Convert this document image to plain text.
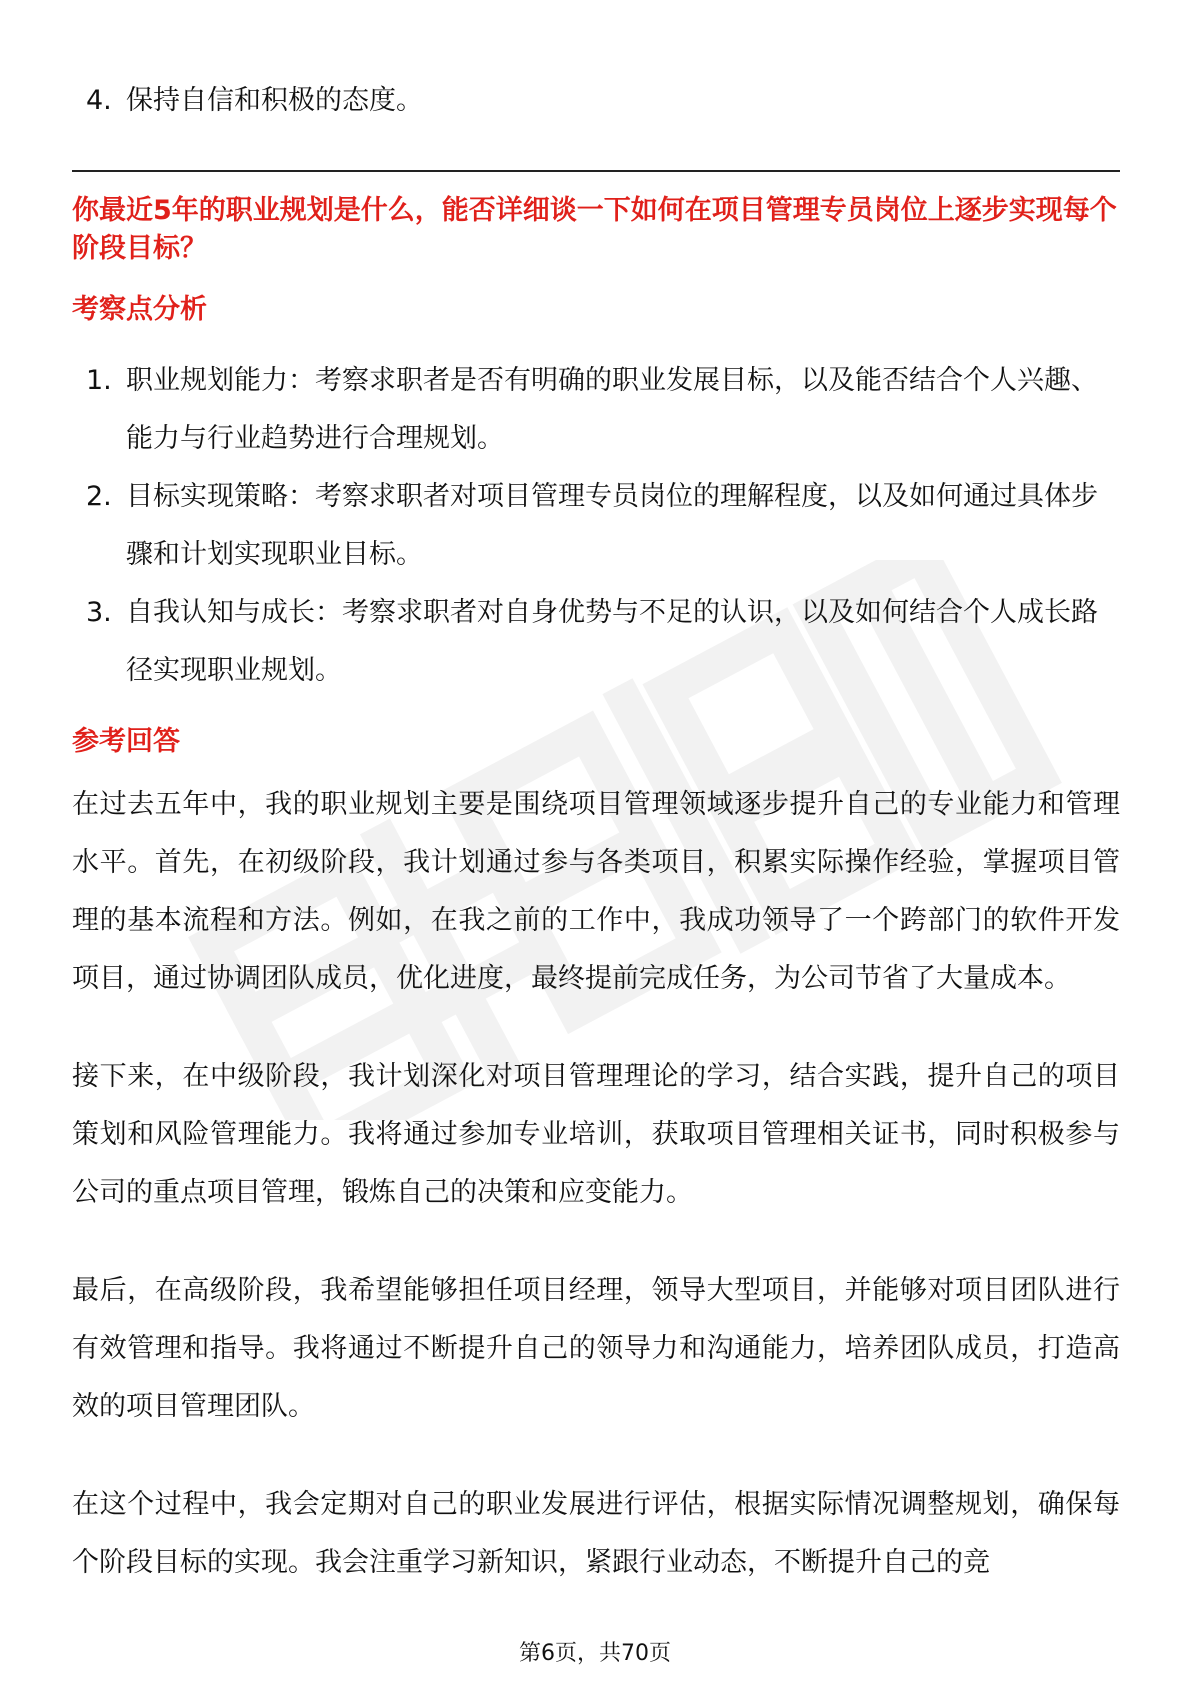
4. 保持自信和积极的态度。
你最近5年的职业规划是什么，能否详细谈一下如何在项目管理专员岗位上逐步实现每个阶段目标？
考察点分析
1. 职业规划能力：考察求职者是否有明确的职业发展目标，以及能否结合个人兴趣、能力与行业趋势进行合理规划。
2. 目标实现策略：考察求职者对项目管理专员岗位的理解程度，以及如何通过具体步骤和计划实现职业目标。
3. 自我认知与成长：考察求职者对自身优势与不足的认识，以及如何结合个人成长路径实现职业规划。
参考回答
在过去五年中，我的职业规划主要是围绕项目管理领域逐步提升自己的专业能力和管理水平。首先，在初级阶段，我计划通过参与各类项目，积累实际操作经验，掌握项目管理的基本流程和方法。例如，在我之前的工作中，我成功领导了一个跨部门的软件开发项目，通过协调团队成员，优化进度，最终提前完成任务，为公司节省了大量成本。
接下来，在中级阶段，我计划深化对项目管理理论的学习，结合实践，提升自己的项目策划和风险管理能力。我将通过参加专业培训，获取项目管理相关证书，同时积极参与公司的重点项目管理，锻炼自己的决策和应变能力。
最后，在高级阶段，我希望能够担任项目经理，领导大型项目，并能够对项目团队进行有效管理和指导。我将通过不断提升自己的领导力和沟通能力，培养团队成员，打造高效的项目管理团队。
在这个过程中，我会定期对自己的职业发展进行评估，根据实际情况调整规划，确保每个阶段目标的实现。我会注重学习新知识，紧跟行业动态，不断提升自己的竞
第6页，共70页
